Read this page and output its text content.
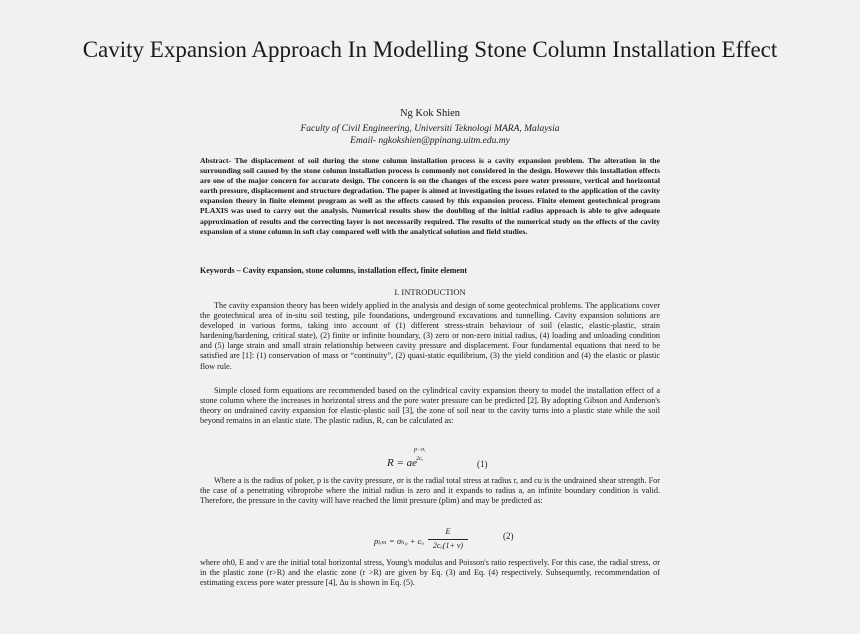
Cavity Expansion Approach In Modelling Stone Column Installation Effect
Ng Kok Shien
Faculty of Civil Engineering, Universiti Teknologi MARA, Malaysia
Email- ngkokshien@ppinang.uitm.edu.my
Abstract- The displacement of soil during the stone column installation process is a cavity expansion problem. The alteration in the surrounding soil caused by the stone column installation process is commonly not considered in the design. However this installation effects are one of the major concern for accurate design. The concern is on the changes of the excess pore water pressure, vertical and horizontal earth pressure, displacement and structure degradation. The paper is aimed at investigating the issues related to the application of the cavity expansion theory in finite element program as well as the effects caused by this expansion process. Finite element geotechnical program PLAXIS was used to carry out the analysis. Numerical results show the doubling of the initial radius approach is able to give adequate approximation of results and the correcting layer is not necessarily required. The results of the numerical study on the effects of the cavity expansion of a stone column in soft clay compared well with the analytical solution and field studies.
Keywords – Cavity expansion, stone columns, installation effect, finite element
I. INTRODUCTION
The cavity expansion theory has been widely applied in the analysis and design of some geotechnical problems. The applications cover the geotechnical area of in-situ soil testing, pile foundations, underground excavations and tunnelling. Cavity expansion solutions are developed in various forms, taking into account of (1) different stress-strain behaviour of soil (elastic, elastic-plastic, strain hardening/hardening, critical state), (2) finite or infinite boundary, (3) zero or non-zero initial radius, (4) loading and unloading condition and (5) large strain and small strain relationship between cavity pressure and displacement. Four fundamental equations that need to be satisfied are [1]: (1) conservation of mass or “continuity”, (2) quasi-static equilibrium, (3) the yield condition and (4) the elastic or plastic flow rule.
Simple closed form equations are recommended based on the cylindrical cavity expansion theory to model the installation effect of a stone column where the increases in horizontal stress and the pore water pressure can be predicted [2]. By adopting Gibson and Anderson's theory on undrained cavity expansion for elastic-plastic soil [3], the zone of soil near to the cavity turns into a plastic state while the soil beyond remains in an elastic state. The plastic radius, R, can be calculated as:
p−σᵣ
2cᵤ
R = ae	(1)
Where a is the radius of poker, p is the cavity pressure, σr is the radial total stress at radius r, and cu is the undrained shear strength. For the case of a penetrating vibroprobe where the initial radius is zero and it expands to radius a, an infinite boundary condition is valid. Therefore, the pressure in the cavity will have reached the limit pressure (plim) and may be predicted as:
pₗᵢₘ = σₕ₀ + cᵤ
E
2cᵤ(1+ ν)
(2)
where σh0, E and ν are the initial total horizontal stress, Young's modulus and Poisson's ratio respectively. For this case, the radial stress, σr in the plastic zone (r>R) and the elastic zone (r >R) are given by Eq. (3) and Eq. (4) respectively. Subsequently, recommendation of estimating excess pore water pressure [4], Δu is shown in Eq. (5).
